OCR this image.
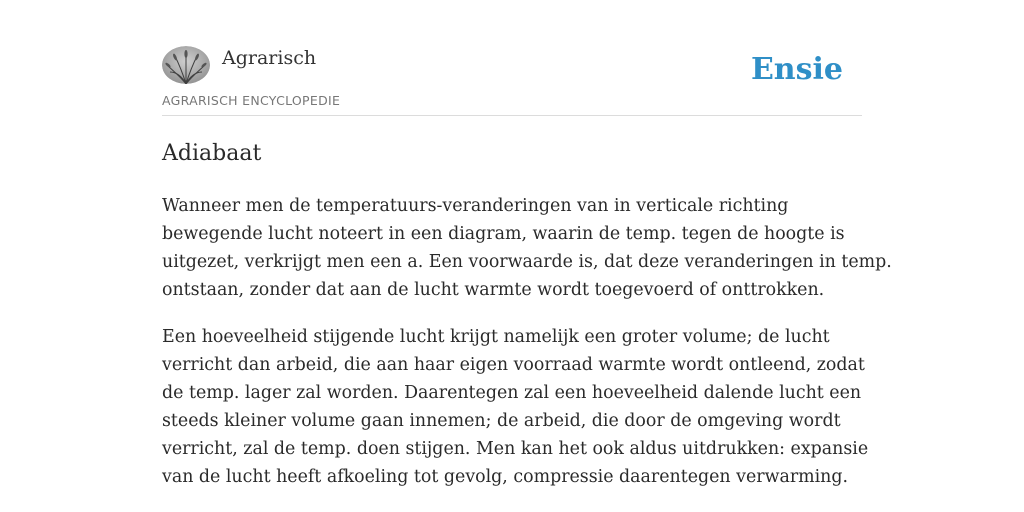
Agrarisch
AGRARISCH ENCYCLOPEDIE
Ensie
Adiabaat

Wanneer men de temperatuurs-veranderingen van in verticale richting
bewegende lucht noteert in een diagram, waarin de temp. tegen de hoogte is
uitgezet, verkrijgt men een a. Een voorwaarde is, dat deze veranderingen in temp.
ontstaan, zonder dat aan de lucht warmte wordt toegevoerd of onttrokken.

Een hoeveelheid stijgende lucht krijgt namelijk een groter volume; de lucht
verricht dan arbeid, die aan haar eigen voorraad warmte wordt ontleend, zodat
de temp. lager zal worden. Daarentegen zal een hoeveelheid dalende lucht een
steeds kleiner volume gaan innemen; de arbeid, die door de omgeving wordt
verricht, zal de temp. doen stijgen. Men kan het ook aldus uitdrukken: expansie
van de lucht heeft afkoeling tot gevolg, compressie daarentegen verwarming.
